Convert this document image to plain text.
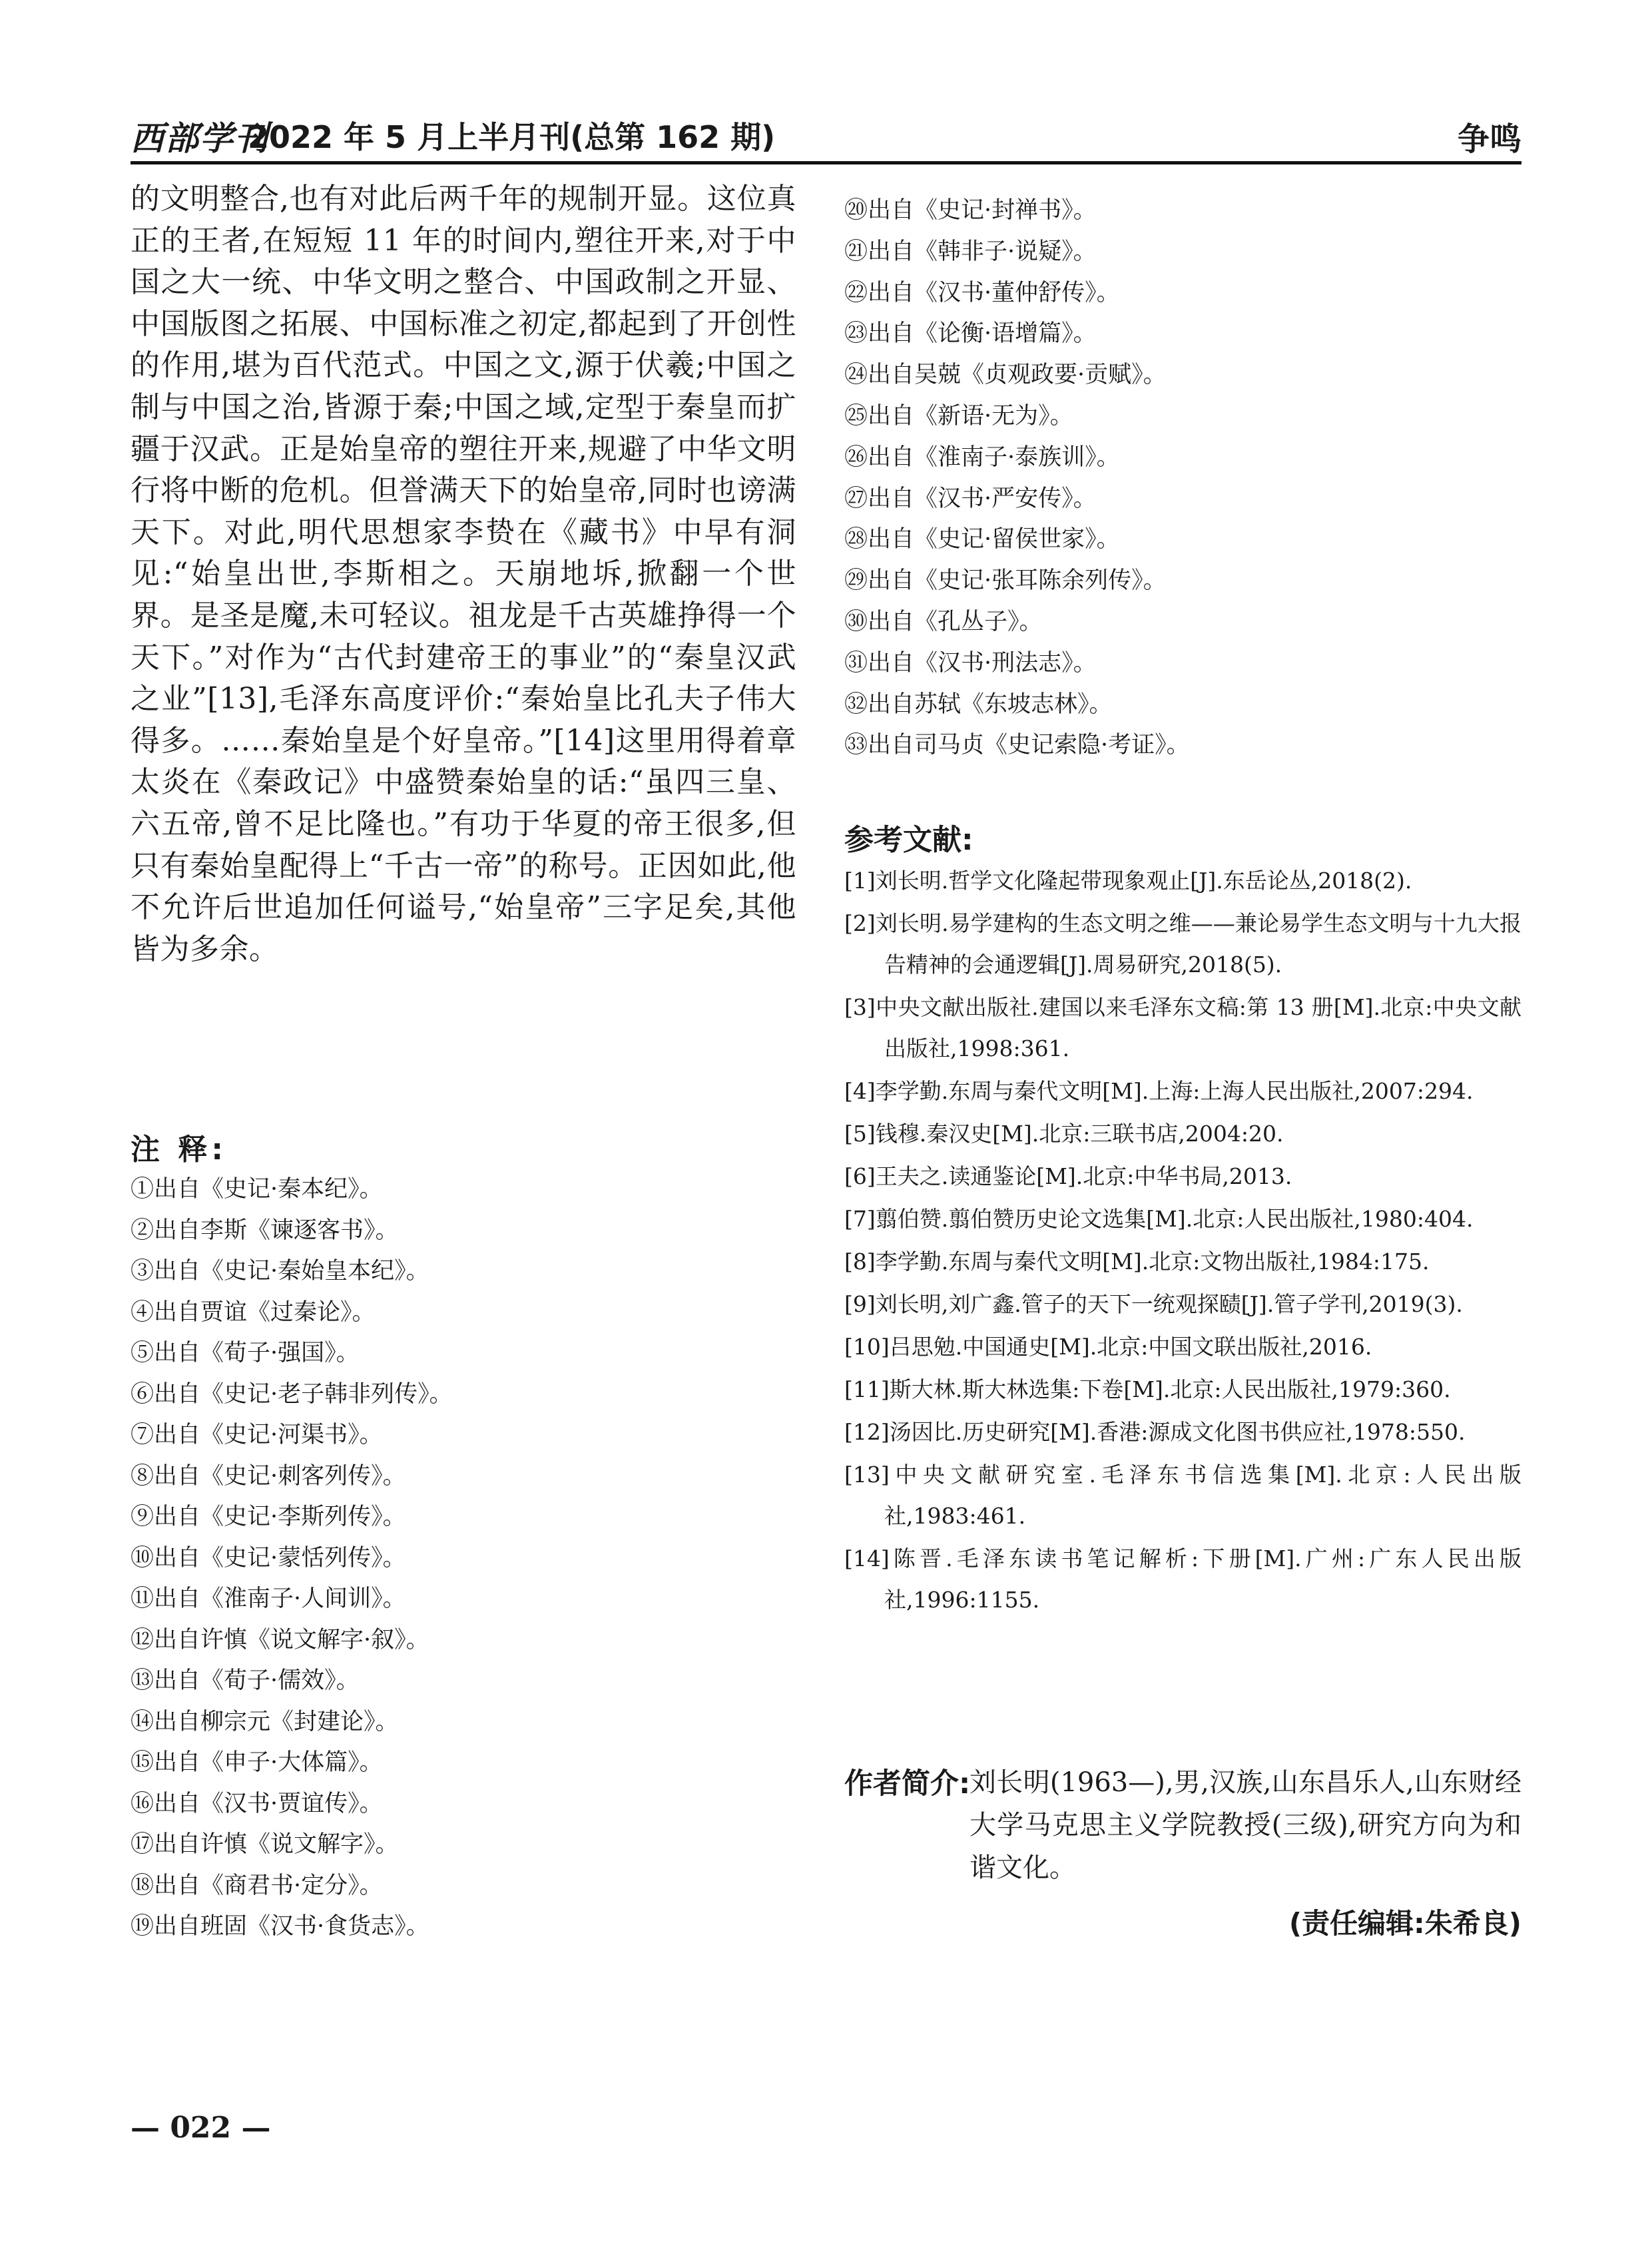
西部学刊
2022 年 5 月上半月刊(总第 162 期)	争鸣

的文明整合,也有对此后两千年的规制开显。这位真正的王者,在短短 11 年的时间内,塑往开来,对于中国之大一统、中华文明之整合、中国政制之开显、中国版图之拓展、中国标准之初定,都起到了开创性的作用,堪为百代范式。中国之文,源于伏羲;中国之制与中国之治,皆源于秦;中国之域,定型于秦皇而扩疆于汉武。正是始皇帝的塑往开来,规避了中华文明行将中断的危机。但誉满天下的始皇帝,同时也谤满天下。对此,明代思想家李贽在《藏书》中早有洞见:“始皇出世,李斯相之。天崩地坼,掀翻一个世界。是圣是魔,未可轻议。祖龙是千古英雄挣得一个天下。”对作为“古代封建帝王的事业”的“秦皇汉武之业”[13],毛泽东高度评价:“秦始皇比孔夫子伟大得多。……秦始皇是个好皇帝。”[14]这里用得着章太炎在《秦政记》中盛赞秦始皇的话:“虽四三皇、六五帝,曾不足比隆也。”有功于华夏的帝王很多,但只有秦始皇配得上“千古一帝”的称号。正因如此,他不允许后世追加任何谥号,“始皇帝”三字足矣,其他皆为多余。

注 释:
①出自《史记·秦本纪》。
②出自李斯《谏逐客书》。
③出自《史记·秦始皇本纪》。
④出自贾谊《过秦论》。
⑤出自《荀子·强国》。
⑥出自《史记·老子韩非列传》。
⑦出自《史记·河渠书》。
⑧出自《史记·刺客列传》。
⑨出自《史记·李斯列传》。
⑩出自《史记·蒙恬列传》。
⑪出自《淮南子·人间训》。
⑫出自许慎《说文解字·叙》。
⑬出自《荀子·儒效》。
⑭出自柳宗元《封建论》。
⑮出自《申子·大体篇》。
⑯出自《汉书·贾谊传》。
⑰出自许慎《说文解字》。
⑱出自《商君书·定分》。
⑲出自班固《汉书·食货志》。
⑳出自《史记·封禅书》。
㉑出自《韩非子·说疑》。
㉒出自《汉书·董仲舒传》。
㉓出自《论衡·语增篇》。
㉔出自吴兢《贞观政要·贡赋》。
㉕出自《新语·无为》。
㉖出自《淮南子·泰族训》。
㉗出自《汉书·严安传》。
㉘出自《史记·留侯世家》。
㉙出自《史记·张耳陈余列传》。
㉚出自《孔丛子》。
㉛出自《汉书·刑法志》。
㉜出自苏轼《东坡志林》。
㉝出自司马贞《史记索隐·考证》。
参考文献:
[1]刘长明.哲学文化隆起带现象观止[J].东岳论丛,2018(2).
[2]刘长明.易学建构的生态文明之维——兼论易学生态文明与十九大报告精神的会通逻辑[J].周易研究,2018(5).
[3]中央文献出版社.建国以来毛泽东文稿:第 13 册[M].北京:中央文献出版社,1998:361.
[4]李学勤.东周与秦代文明[M].上海:上海人民出版社,2007:294.
[5]钱穆.秦汉史[M].北京:三联书店,2004:20.
[6]王夫之.读通鉴论[M].北京:中华书局,2013.
[7]翦伯赞.翦伯赞历史论文选集[M].北京:人民出版社,1980:404.
[8]李学勤.东周与秦代文明[M].北京:文物出版社,1984:175.
[9]刘长明,刘广鑫.管子的天下一统观探赜[J].管子学刊,2019(3).
[10]吕思勉.中国通史[M].北京:中国文联出版社,2016.
[11]斯大林.斯大林选集:下卷[M].北京:人民出版社,1979:360.
[12]汤因比.历史研究[M].香港:源成文化图书供应社,1978:550.
[13]中央文献研究室.毛泽东书信选集[M].北京:人民出版社,1983:461.
[14]陈晋.毛泽东读书笔记解析:下册[M].广州:广东人民出版社,1996:1155.
作者简介:
刘长明(1963—),男,汉族,山东昌乐人,山东财经大学马克思主义学院教授(三级),研究方向为和谐文化。
(责任编辑:朱希良)
— 022 —
